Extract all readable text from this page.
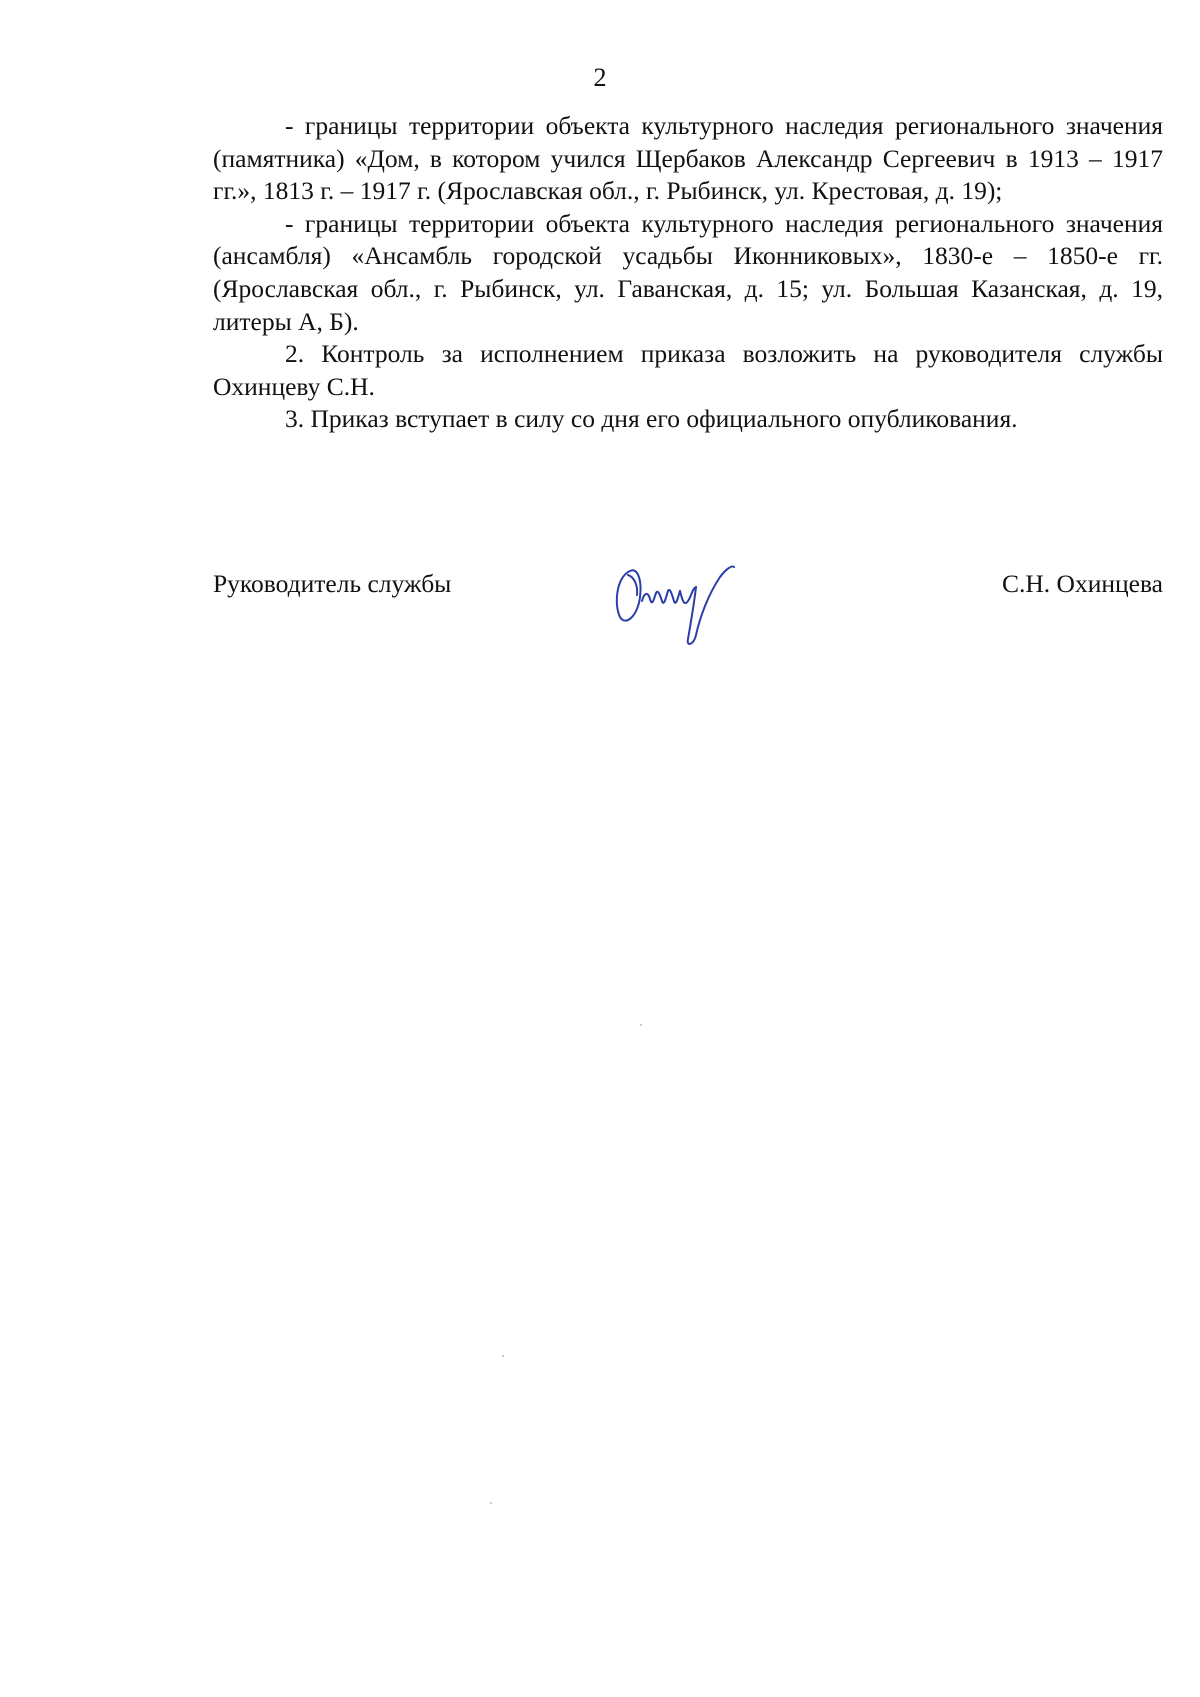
2

- границы территории объекта культурного наследия регионального значения (памятника) «Дом, в котором учился Щербаков Александр Сергеевич в 1913 – 1917 гг.», 1813 г. – 1917 г. (Ярославская обл., г. Рыбинск, ул. Крестовая, д. 19);

- границы территории объекта культурного наследия регионального значения (ансамбля) «Ансамбль городской усадьбы Иконниковых», 1830-е – 1850-е гг. (Ярославская обл., г. Рыбинск, ул. Гаванская, д. 15; ул. Большая Казанская, д. 19, литеры А, Б).

2. Контроль за исполнением приказа возложить на руководителя службы Охинцеву С.Н.

3. Приказ вступает в силу со дня его официального опубликования.

Руководитель службы	С.Н. Охинцева
